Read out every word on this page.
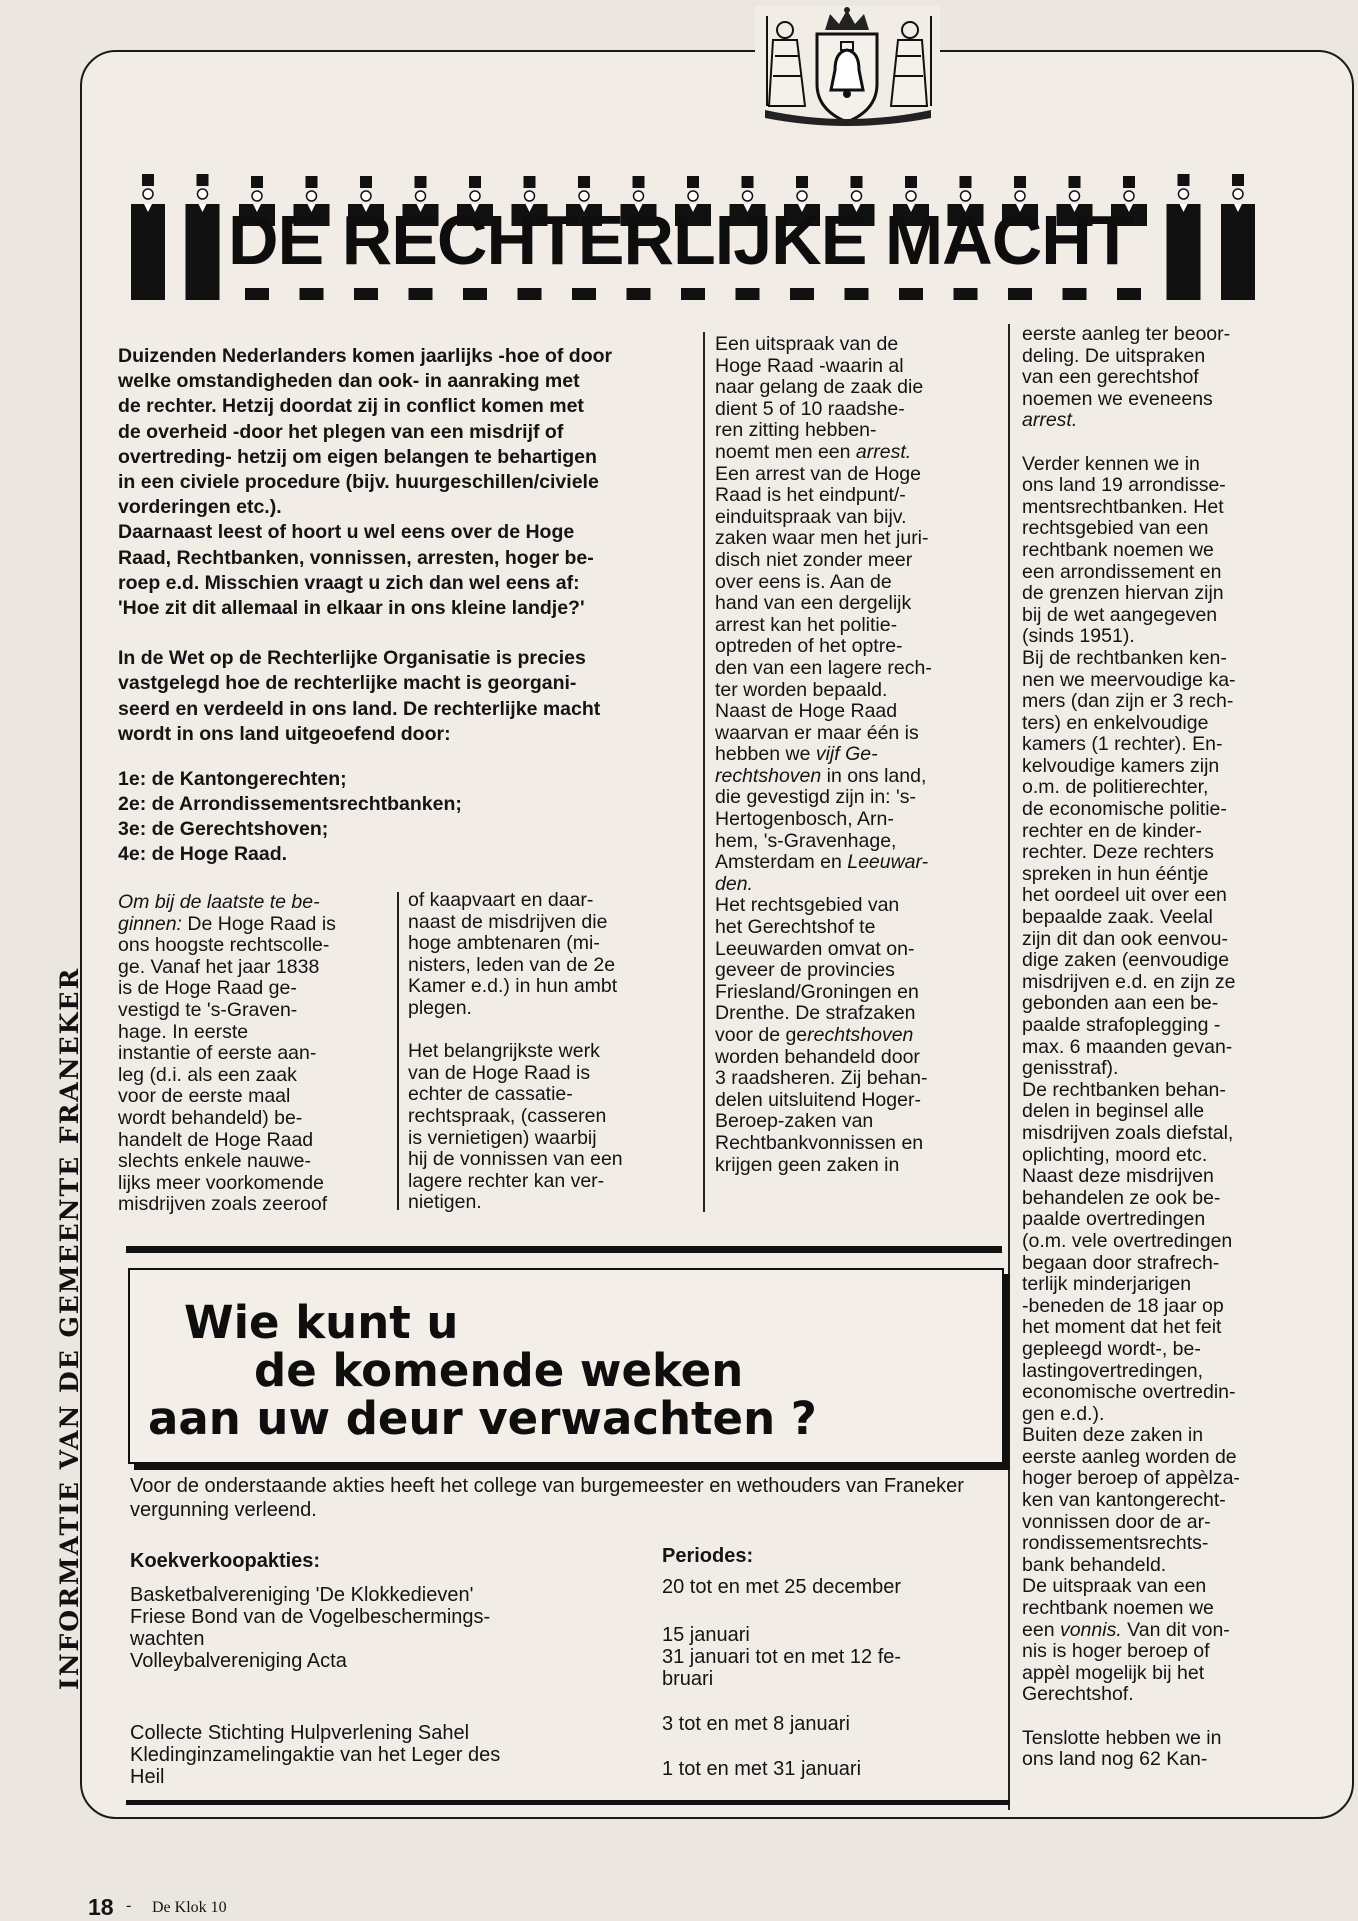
DE RECHTERLIJKE MACHT
INFORMATIE VAN DE GEMEENTE FRANEKER
Duizenden Nederlanders komen jaarlijks -hoe of door
welke omstandigheden dan ook- in aanraking met
de rechter. Hetzij doordat zij in conflict komen met
de overheid -door het plegen van een misdrijf of
overtreding- hetzij om eigen belangen te behartigen
in een civiele procedure (bijv. huurgeschillen/civiele
vorderingen etc.).
Daarnaast leest of hoort u wel eens over de Hoge
Raad, Rechtbanken, vonnissen, arresten, hoger be-
roep e.d. Misschien vraagt u zich dan wel eens af:
'Hoe zit dit allemaal in elkaar in ons kleine landje?'
In de Wet op de Rechterlijke Organisatie is precies
vastgelegd hoe de rechterlijke macht is georgani-
seerd en verdeeld in ons land. De rechterlijke macht
wordt in ons land uitgeoefend door:
1e: de Kantongerechten;
2e: de Arrondissementsrechtbanken;
3e: de Gerechtshoven;
4e: de Hoge Raad.
Om bij de laatste te be-
ginnen: De Hoge Raad is
ons hoogste rechtscolle-
ge. Vanaf het jaar 1838
is de Hoge Raad ge-
vestigd te 's-Graven-
hage. In eerste
instantie of eerste aan-
leg (d.i. als een zaak
voor de eerste maal
wordt behandeld) be-
handelt de Hoge Raad
slechts enkele nauwe-
lijks meer voorkomende
misdrijven zoals zeeroof
of kaapvaart en daar-
naast de misdrijven die
hoge ambtenaren (mi-
nisters, leden van de 2e
Kamer e.d.) in hun ambt
plegen.

Het belangrijkste werk
van de Hoge Raad is
echter de cassatie-
rechtspraak, (casseren
is vernietigen) waarbij
hij de vonnissen van een
lagere rechter kan ver-
nietigen.
Een uitspraak van de
Hoge Raad -waarin al
naar gelang de zaak die
dient 5 of 10 raadshe-
ren zitting hebben-
noemt men een arrest.
Een arrest van de Hoge
Raad is het eindpunt/-
einduitspraak van bijv.
zaken waar men het juri-
disch niet zonder meer
over eens is. Aan de
hand van een dergelijk
arrest kan het politie-
optreden of het optre-
den van een lagere rech-
ter worden bepaald.
Naast de Hoge Raad
waarvan er maar één is
hebben we vijf Ge-
rechtshoven in ons land,
die gevestigd zijn in: 's-
Hertogenbosch, Arn-
hem, 's-Gravenhage,
Amsterdam en Leeuwar-
den.
Het rechtsgebied van
het Gerechtshof te
Leeuwarden omvat on-
geveer de provincies
Friesland/Groningen en
Drenthe. De strafzaken
voor de gerechtshoven
worden behandeld door
3 raadsheren. Zij behan-
delen uitsluitend Hoger-
Beroep-zaken van
Rechtbankvonnissen en
krijgen geen zaken in
eerste aanleg ter beoor-
deling. De uitspraken
van een gerechtshof
noemen we eveneens
arrest.

Verder kennen we in
ons land 19 arrondisse-
mentsrechtbanken. Het
rechtsgebied van een
rechtbank noemen we
een arrondissement en
de grenzen hiervan zijn
bij de wet aangegeven
(sinds 1951).
Bij de rechtbanken ken-
nen we meervoudige ka-
mers (dan zijn er 3 rech-
ters) en enkelvoudige
kamers (1 rechter). En-
kelvoudige kamers zijn
o.m. de politierechter,
de economische politie-
rechter en de kinder-
rechter. Deze rechters
spreken in hun ééntje
het oordeel uit over een
bepaalde zaak. Veelal
zijn dit dan ook eenvou-
dige zaken (eenvoudige
misdrijven e.d. en zijn ze
gebonden aan een be-
paalde strafoplegging -
max. 6 maanden gevan-
genisstraf).
De rechtbanken behan-
delen in beginsel alle
misdrijven zoals diefstal,
oplichting, moord etc.
Naast deze misdrijven
behandelen ze ook be-
paalde overtredingen
(o.m. vele overtredingen
begaan door strafrech-
terlijk minderjarigen
-beneden de 18 jaar op
het moment dat het feit
gepleegd wordt-, be-
lastingovertredingen,
economische overtredin-
gen e.d.).
Buiten deze zaken in
eerste aanleg worden de
hoger beroep of appèlza-
ken van kantongerecht-
vonnissen door de ar-
rondissementsrechts-
bank behandeld.
De uitspraak van een
rechtbank noemen we
een vonnis. Van dit von-
nis is hoger beroep of
appèl mogelijk bij het
Gerechtshof.

Tenslotte hebben we in
ons land nog 62 Kan-
Wie kunt u
de komende weken
aan uw deur verwachten ?
Voor de onderstaande akties heeft het college van burgemeester en wethouders van Franeker vergunning verleend.
Koekverkoopakties:	Periodes:
Basketbalvereniging 'De Klokkedieven'
Friese Bond van de Vogelbeschermings-
wachten
Volleybalvereniging Acta
Collecte Stichting Hulpverlening Sahel
Kledinginzamelingaktie van het Leger des
Heil
20 tot en met 25 december
15 januari
31 januari tot en met 12 fe-
bruari
3 tot en met 8 januari
1 tot en met 31 januari
18 - De Klok 10
